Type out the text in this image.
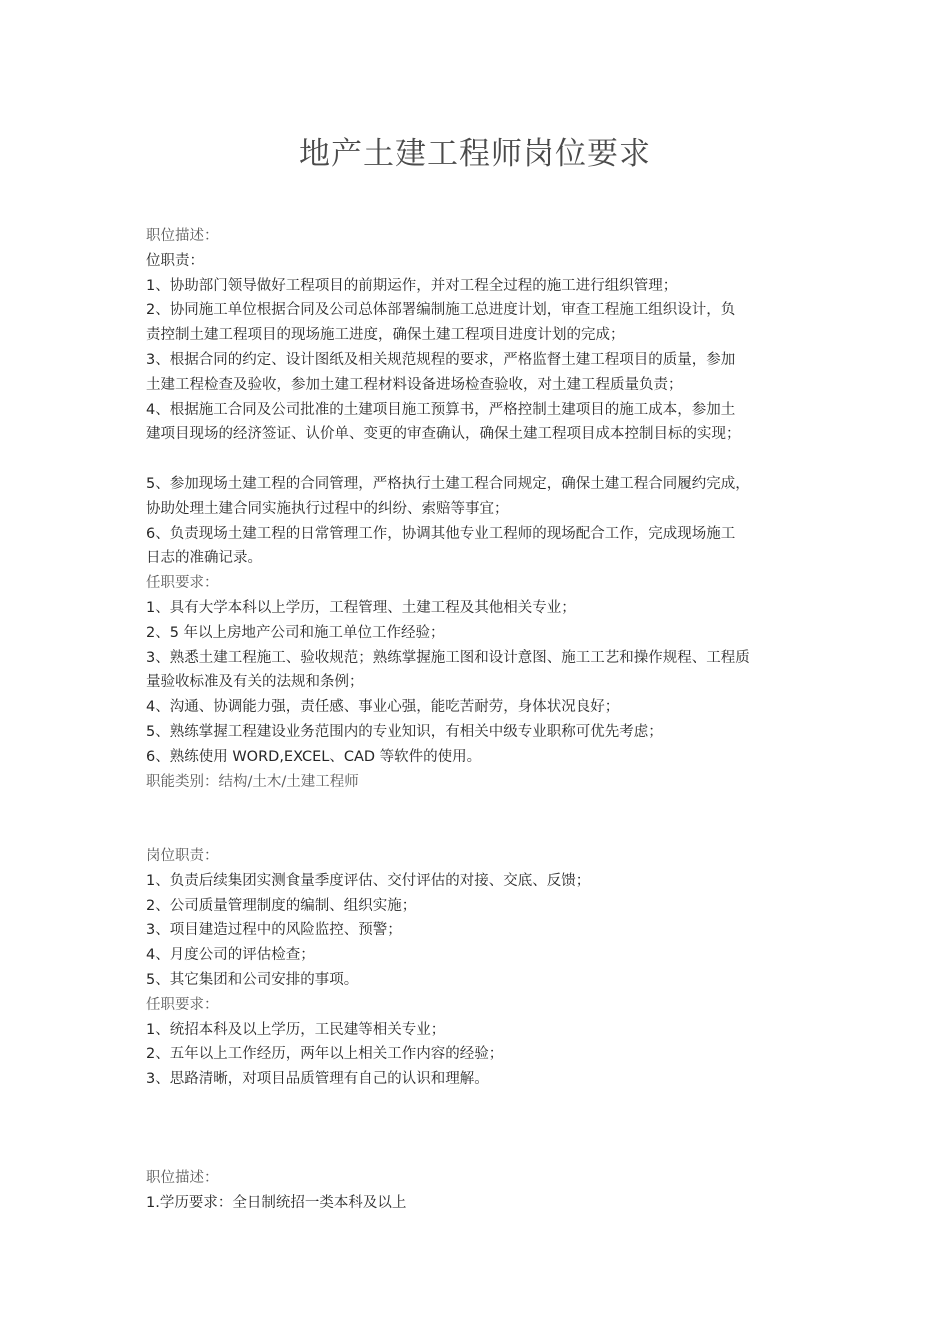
地产土建工程师岗位要求
职位描述：
位职责：
1、协助部门领导做好工程项目的前期运作，并对工程全过程的施工进行组织管理；
2、协同施工单位根据合同及公司总体部署编制施工总进度计划，审查工程施工组织设计，负
责控制土建工程项目的现场施工进度，确保土建工程项目进度计划的完成；
3、根据合同的约定、设计图纸及相关规范规程的要求，严格监督土建工程项目的质量，参加
土建工程检查及验收，参加土建工程材料设备进场检查验收，对土建工程质量负责；
4、根据施工合同及公司批准的土建项目施工预算书，严格控制土建项目的施工成本，参加土
建项目现场的经济签证、认价单、变更的审查确认，确保土建工程项目成本控制目标的实现；
5、参加现场土建工程的合同管理，严格执行土建工程合同规定，确保土建工程合同履约完成，
协助处理土建合同实施执行过程中的纠纷、索赔等事宜；
6、负责现场土建工程的日常管理工作，协调其他专业工程师的现场配合工作，完成现场施工
日志的准确记录。
任职要求：
1、具有大学本科以上学历，工程管理、土建工程及其他相关专业；
2、5 年以上房地产公司和施工单位工作经验；
3、熟悉土建工程施工、验收规范；熟练掌握施工图和设计意图、施工工艺和操作规程、工程质
量验收标准及有关的法规和条例；
4、沟通、协调能力强，责任感、事业心强，能吃苦耐劳，身体状况良好；
5、熟练掌握工程建设业务范围内的专业知识，有相关中级专业职称可优先考虑；
6、熟练使用 WORD,EXCEL、CAD 等软件的使用。
职能类别：结构/土木/土建工程师
岗位职责：
1、负责后续集团实测食量季度评估、交付评估的对接、交底、反馈；
2、公司质量管理制度的编制、组织实施；
3、项目建造过程中的风险监控、预警；
4、月度公司的评估检查；
5、其它集团和公司安排的事项。
任职要求：
1、统招本科及以上学历，工民建等相关专业；
2、五年以上工作经历，两年以上相关工作内容的经验；
3、思路清晰，对项目品质管理有自己的认识和理解。
职位描述：
1.学历要求：全日制统招一类本科及以上
